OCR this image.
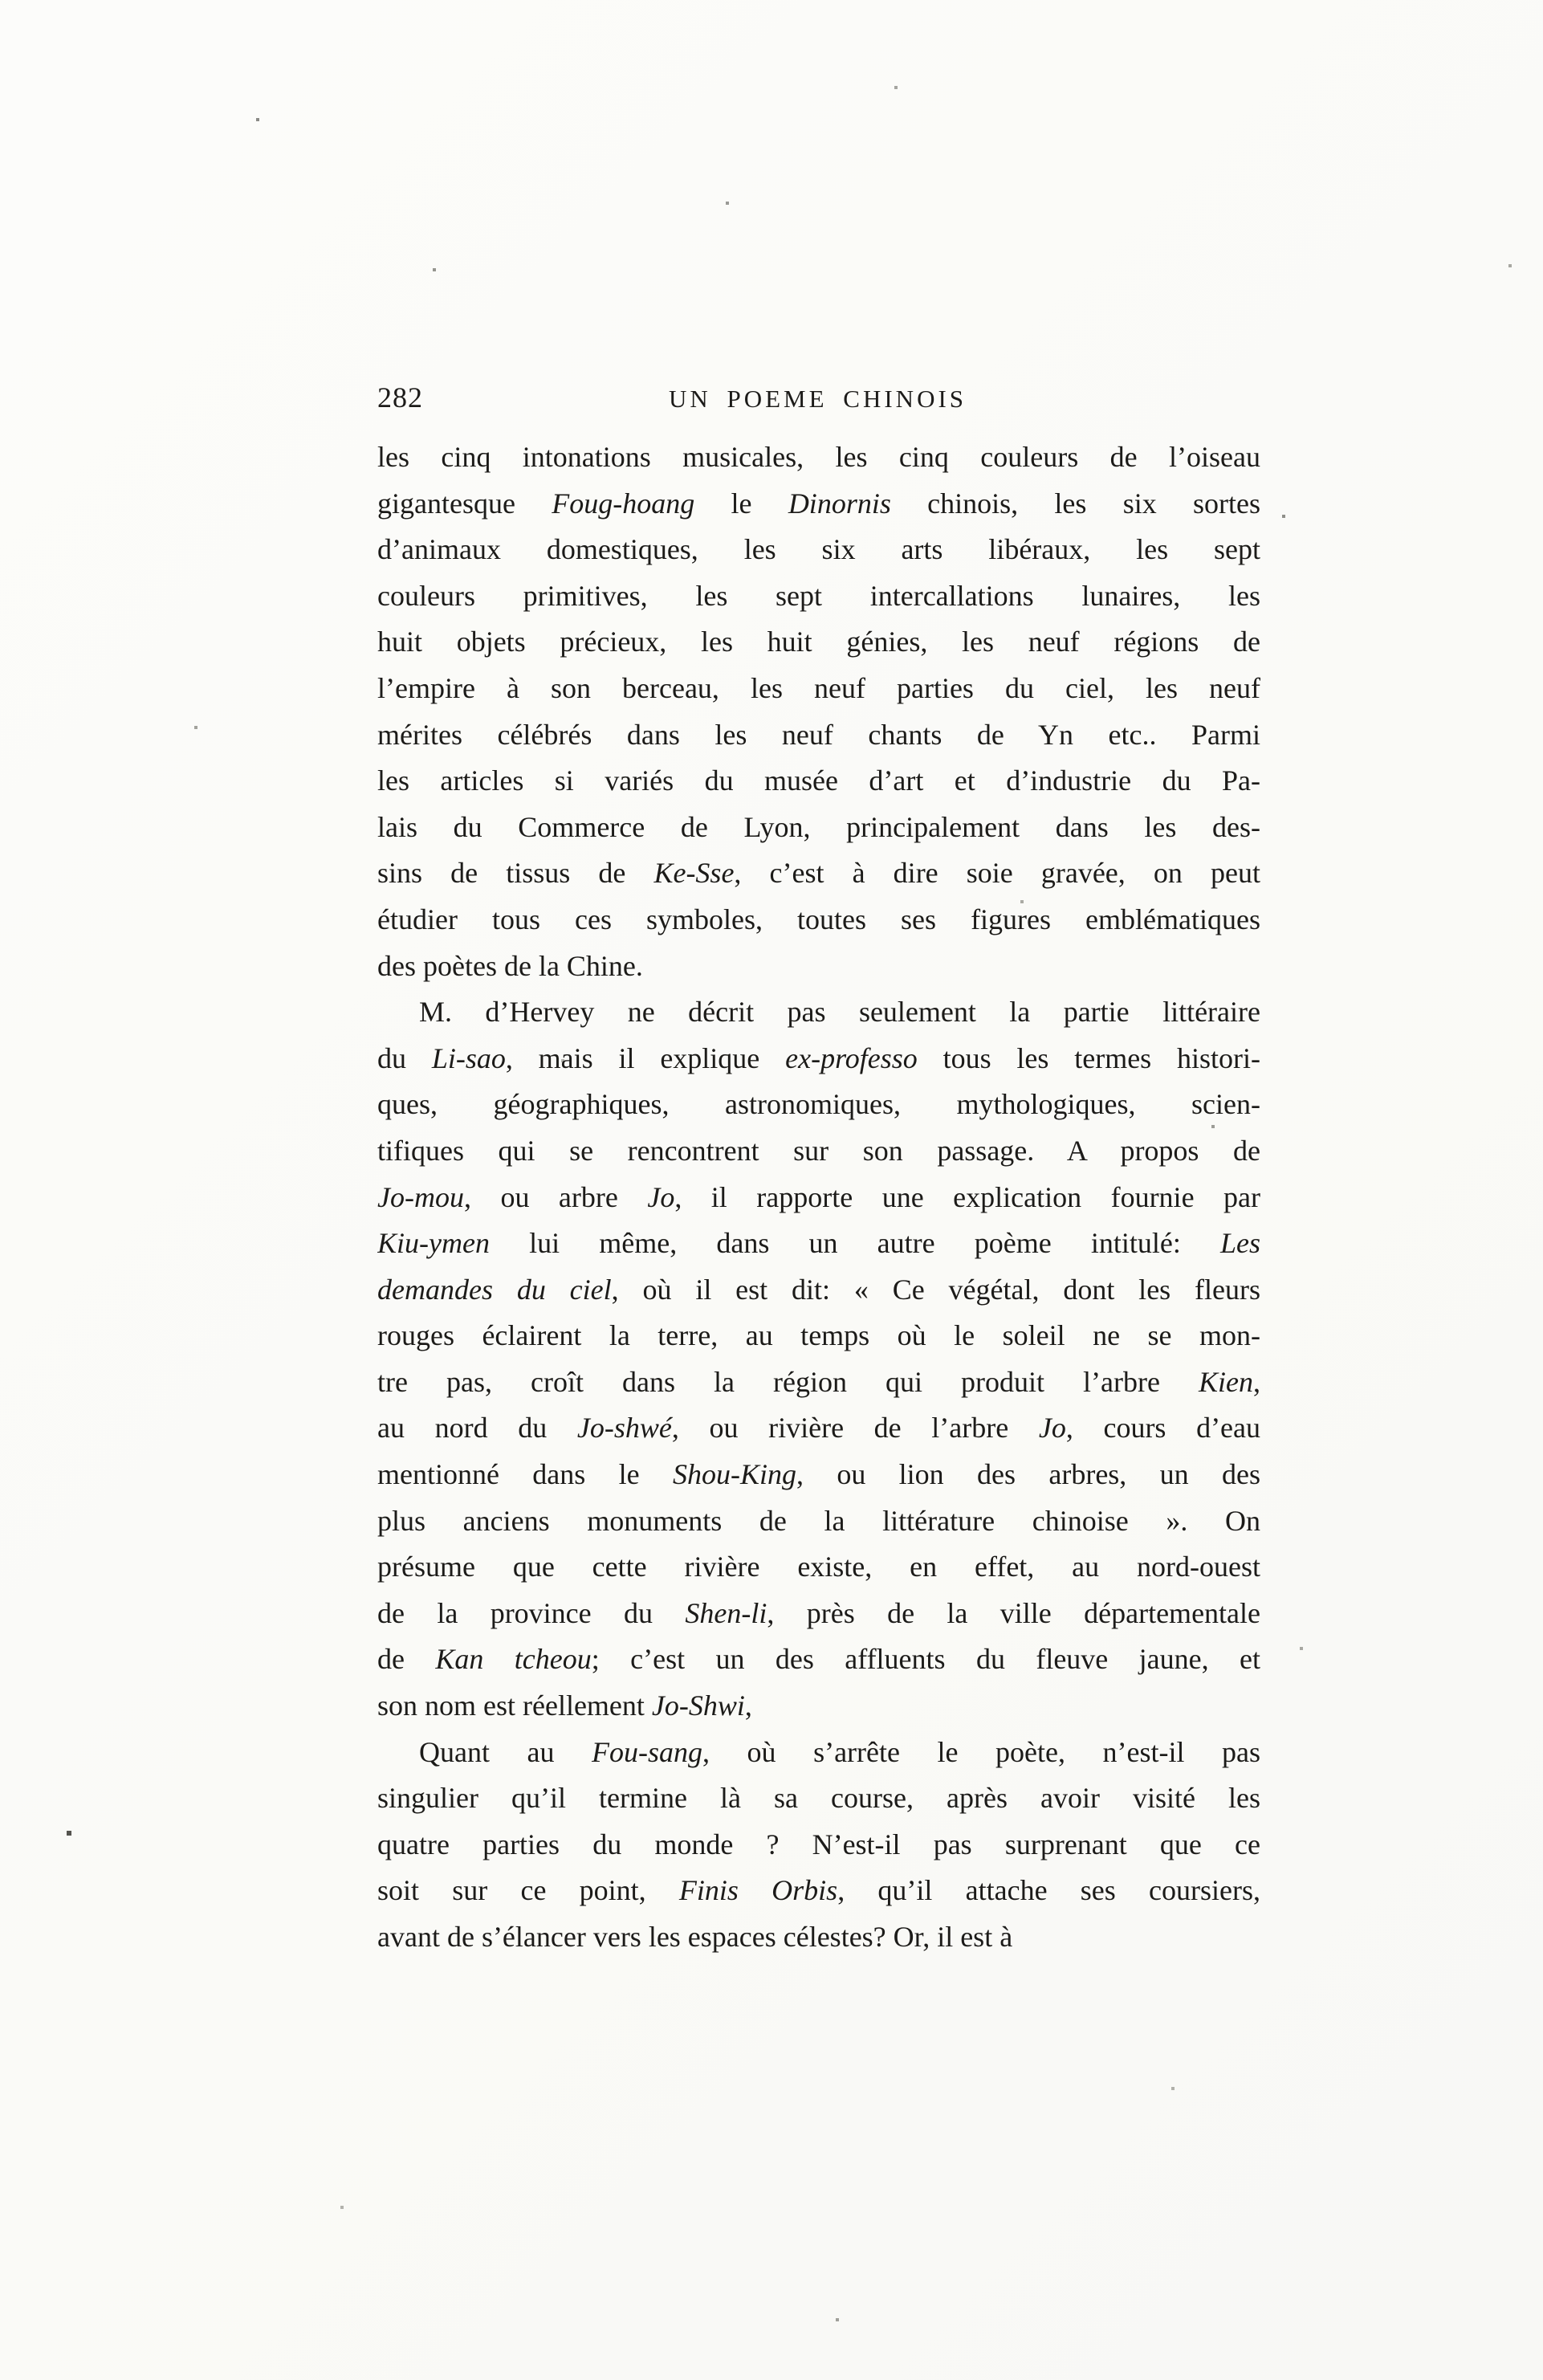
282	UN POEME CHINOIS
les cinq intonations musicales, les cinq couleurs de l’oiseau
gigantesque Foug-hoang le Dinornis chinois, les six sortes
d’animaux domestiques, les six arts libéraux, les sept
couleurs primitives, les sept intercallations lunaires, les
huit objets précieux, les huit génies, les neuf régions de
l’empire à son berceau, les neuf parties du ciel, les neuf
mérites célébrés dans les neuf chants de Yn etc.. Parmi
les articles si variés du musée d’art et d’industrie du Pa-
lais du Commerce de Lyon, principalement dans les des-
sins de tissus de Ke-Sse, c’est à dire soie gravée, on peut
étudier tous ces symboles, toutes ses figures emblématiques
des poètes de la Chine.
M. d’Hervey ne décrit pas seulement la partie littéraire
du Li-sao, mais il explique ex-professo tous les termes histori-
ques, géographiques, astronomiques, mythologiques, scien-
tifiques qui se rencontrent sur son passage. A propos de
Jo-mou, ou arbre Jo, il rapporte une explication fournie par
Kiu-ymen lui même, dans un autre poème intitulé: Les
demandes du ciel, où il est dit: « Ce végétal, dont les fleurs
rouges éclairent la terre, au temps où le soleil ne se mon-
tre pas, croît dans la région qui produit l’arbre Kien,
au nord du Jo-shwé, ou rivière de l’arbre Jo, cours d’eau
mentionné dans le Shou-King, ou lion des arbres, un des
plus anciens monuments de la littérature chinoise ». On
présume que cette rivière existe, en effet, au nord-ouest
de la province du Shen-li, près de la ville départementale
de Kan tcheou; c’est un des affluents du fleuve jaune, et
son nom est réellement Jo-Shwi,
Quant au Fou-sang, où s’arrête le poète, n’est-il pas
singulier qu’il termine là sa course, après avoir visité les
quatre parties du monde ? N’est-il pas surprenant que ce
soit sur ce point, Finis Orbis, qu’il attache ses coursiers,
avant de s’élancer vers les espaces célestes? Or, il est à
